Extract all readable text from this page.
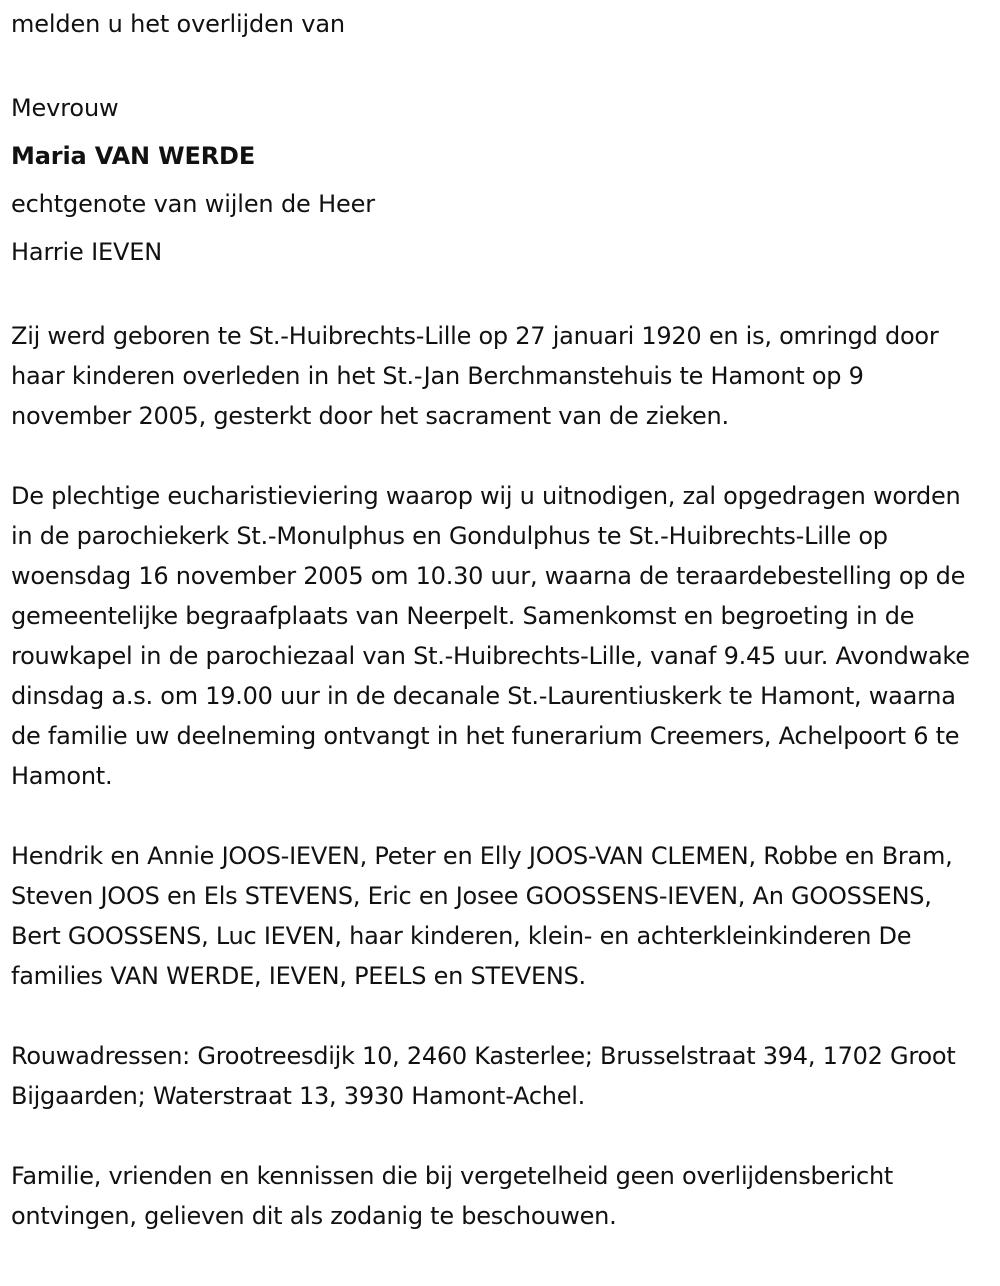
melden u het overlijden van
Mevrouw
Maria VAN WERDE
echtgenote van wijlen de Heer
Harrie IEVEN

Zij werd geboren te St.-Huibrechts-Lille op 27 januari 1920 en is, omringd door haar kinderen overleden in het St.-Jan Berchmanstehuis te Hamont op 9 november 2005, gesterkt door het sacrament van de zieken.

De plechtige eucharistieviering waarop wij u uitnodigen, zal opgedragen worden in de parochiekerk St.-Monulphus en Gondulphus te St.-Huibrechts-Lille op woensdag 16 november 2005 om 10.30 uur, waarna de teraardebestelling op de gemeentelijke begraafplaats van Neerpelt. Samenkomst en begroeting in de rouwkapel in de parochiezaal van St.-Huibrechts-Lille, vanaf 9.45 uur. Avondwake dinsdag a.s. om 19.00 uur in de decanale St.-Laurentiuskerk te Hamont, waarna de familie uw deelneming ontvangt in het funerarium Creemers, Achelpoort 6 te Hamont.

Hendrik en Annie JOOS-IEVEN, Peter en Elly JOOS-VAN CLEMEN, Robbe en Bram, Steven JOOS en Els STEVENS, Eric en Josee GOOSSENS-IEVEN, An GOOSSENS, Bert GOOSSENS, Luc IEVEN, haar kinderen, klein- en achterkleinkinderen De families VAN WERDE, IEVEN, PEELS en STEVENS.

Rouwadressen: Grootreesdijk 10, 2460 Kasterlee; Brusselstraat 394, 1702 Groot Bijgaarden; Waterstraat 13, 3930 Hamont-Achel.

Familie, vrienden en kennissen die bij vergetelheid geen overlijdensbericht ontvingen, gelieven dit als zodanig te beschouwen.
